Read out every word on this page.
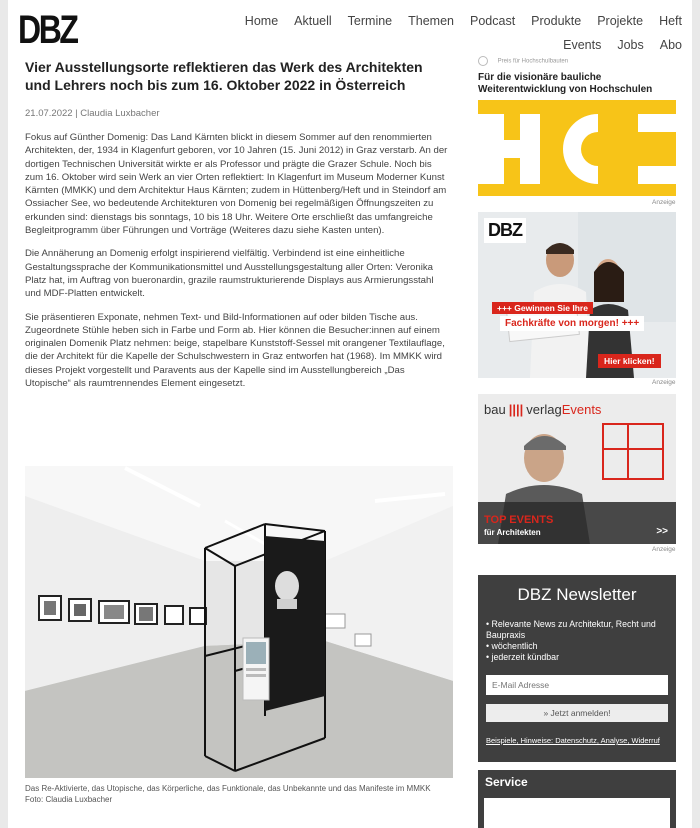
DBZ	Home Aktuell Termine Themen Podcast Produkte Projekte Heft
Events Jobs Abo
Vier Ausstellungsorte reflektieren das Werk des Architekten und Lehrers noch bis zum 16. Oktober 2022 in Österreich
21.07.2022 | Claudia Luxbacher

Fokus auf Günther Domenig: Das Land Kärnten blickt in diesem Sommer auf den renommierten Architekten, der, 1934 in Klagenfurt geboren, vor 10 Jahren (15. Juni 2012) in Graz verstarb. An der dortigen Technischen Universität wirkte er als Professor und prägte die Grazer Schule. Noch bis zum 16. Oktober wird sein Werk an vier Orten reflektiert: In Klagenfurt im Museum Moderner Kunst Kärnten (MMKK) und dem Architektur Haus Kärnten; zudem in Hüttenberg/Heft und in Steindorf am Ossiacher See, wo bedeutende Architekturen von Domenig bei regelmäßigen Öffnungszeiten zu erkunden sind: dienstags bis sonntags, 10 bis 18 Uhr. Weitere Orte erschließt das umfangreiche Begleitprogramm über Führungen und Vorträge (Weiteres dazu siehe Kasten unten).

Die Annäherung an Domenig erfolgt inspirierend vielfältig. Verbindend ist eine einheitliche Gestaltungssprache der Kommunikationsmittel und Ausstellungsgestaltung aller Orten: Veronika Platz hat, im Auftrag von bueronardin, grazile raumstrukturierende Displays aus Armierungsstahl und MDF-Platten entwickelt.

Sie präsentieren Exponate, nehmen Text- und Bild-Informationen auf oder bilden Tische aus. Zugeordnete Stühle heben sich in Farbe und Form ab. Hier können die Besucher:innen auf einem originalen Domenik Platz nehmen: beige, stapelbare Kunststoff-Sessel mit orangener Textilauflage, die der Architekt für die Kapelle der Schulschwestern in Graz entworfen hat (1968). Im MMKK wird dieses Projekt vorgestellt und Paravents aus der Kapelle sind im Ausstellungbereich „Das Utopische“ als raumtrennendes Element eingesetzt.

Das Re-Aktivierte, das Utopische, das Körperliche, das Funktionale, das Unbekannte und das Manifeste im MMKK
Foto: Claudia Luxbacher
Preis für Hochschulbauten
Für die visionäre bauliche Weiterentwicklung von Hochschulen
Anzeige
DBZ
+++ Gewinnen Sie Ihre
Fachkräfte von morgen! +++
Hier klicken!
Anzeige
bau |||| verlagEvents
TOP EVENTS
für Architekten	>>
Anzeige
DBZ Newsletter
• Relevante News zu Architektur, Recht und Baupraxis
• wöchentlich
• jederzeit kündbar
E-Mail Adresse
» Jetzt anmelden!
Beispiele, Hinweise: Datenschutz, Analyse, Widerruf
Service
